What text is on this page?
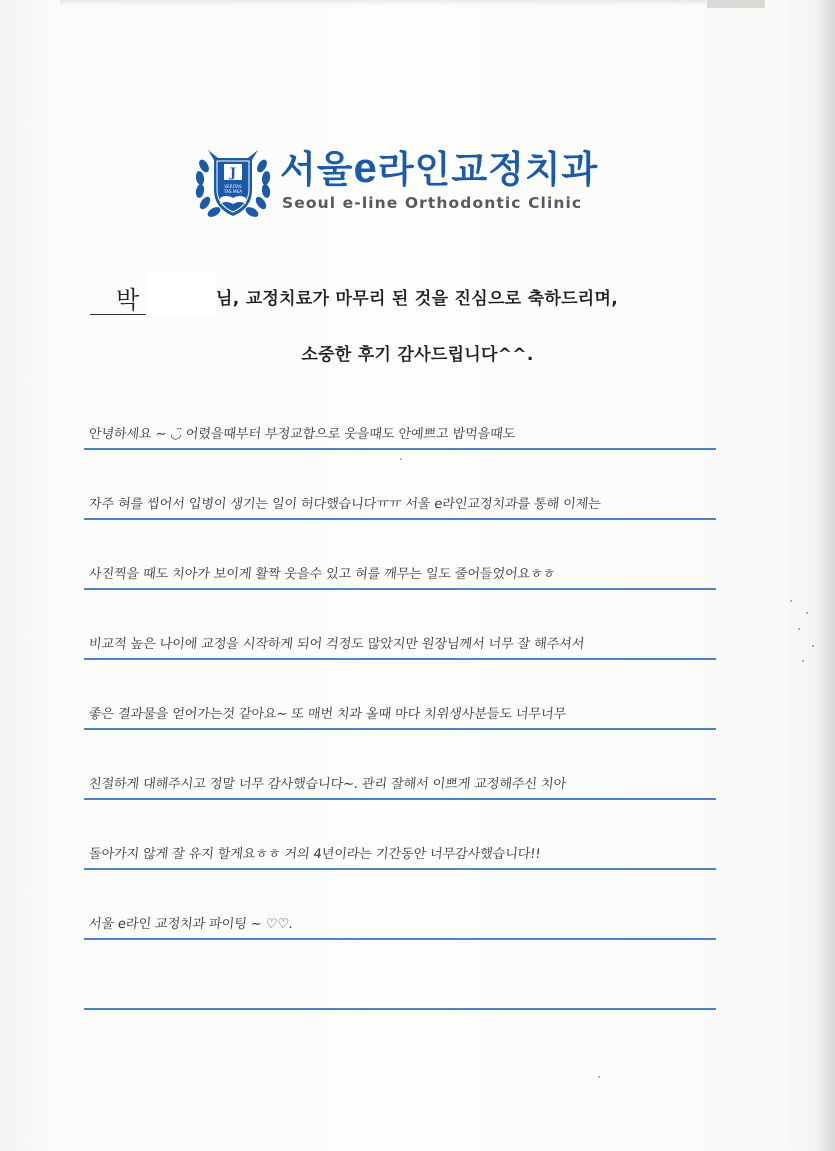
J
VERITAS
TAS MEA
서울e라인교정치과
Seoul e-line Orthodontic Clinic
박	님, 교정치료가 마무리 된 것을 진심으로 축하드리며,
소중한 후기 감사드립니다^^.
안녕하세요 ~ ◡̈ 어렸을때부터 부정교합으로 웃을때도 안예쁘고 밥먹을때도
자주 혀를 씹어서 입병이 생기는 일이 허다했습니다ㅠㅠ 서울 e라인교정치과를 통해 이제는
사진찍을 때도 치아가 보이게 활짝 웃을수 있고 혀를 깨무는 일도 줄어들었어요ㅎㅎ
비교적 높은 나이에 교정을 시작하게 되어 걱정도 많았지만 원장님께서 너무 잘 해주셔서
좋은 결과물을 얻어가는것 같아요~ 또 매번 치과 올때 마다 치위생사분들도 너무너무
친절하게 대해주시고 정말 너무 감사했습니다~. 관리 잘해서 이쁘게 교정해주신 치아
돌아가지 않게 잘 유지 할게요ㅎㅎ 거의 4년이라는 기간동안 너무감사했습니다!!
서울 e라인 교정치과 파이팅 ~ ♡♡.
